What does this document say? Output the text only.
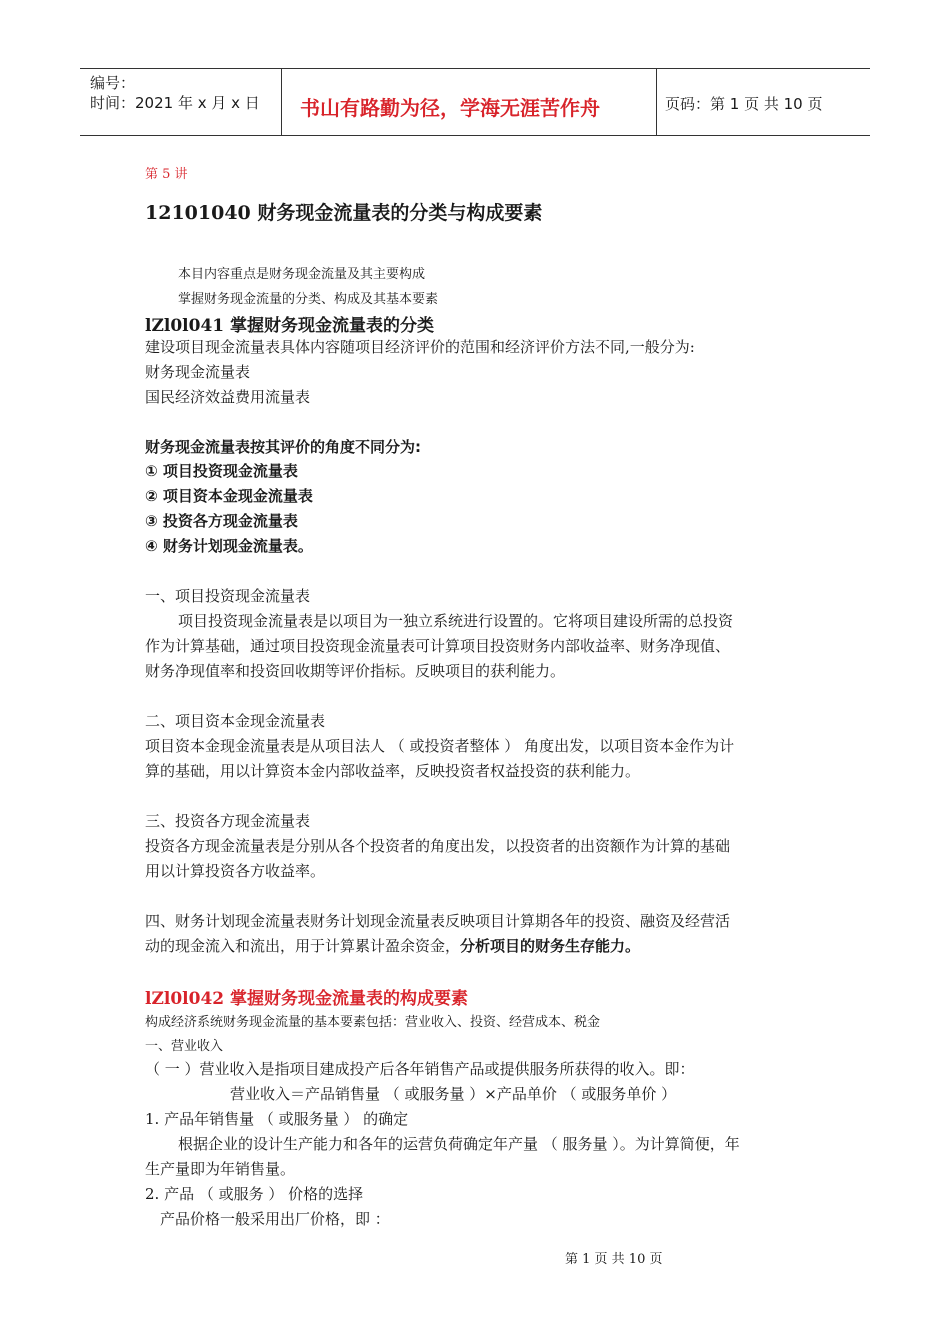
编号：
时间：2021 年 x 月 x 日 书山有路勤为径，学海无涯苦作舟	页码：第 1 页 共 10 页
第 5 讲
12101040 财务现金流量表的分类与构成要素
本目内容重点是财务现金流量及其主要构成
掌握财务现金流量的分类、构成及其基本要素
lZl0l041 掌握财务现金流量表的分类
建设项目现金流量表具体内容随项目经济评价的范围和经济评价方法不同,一般分为:
财务现金流量表
国民经济效益费用流量表
财务现金流量表按其评价的角度不同分为:
① 项目投资现金流量表
② 项目资本金现金流量表
③ 投资各方现金流量表
④ 财务计划现金流量表。
一、项目投资现金流量表
项目投资现金流量表是以项目为一独立系统进行设置的。它将项目建设所需的总投资
作为计算基础，通过项目投资现金流量表可计算项目投资财务内部收益率、财务净现值、
财务净现值率和投资回收期等评价指标。反映项目的获利能力。
二、项目资本金现金流量表
项目资本金现金流量表是从项目法人 （ 或投资者整体 ） 角度出发，以项目资本金作为计
算的基础，用以计算资本金内部收益率，反映投资者权益投资的获利能力。
三、投资各方现金流量表
投资各方现金流量表是分别从各个投资者的角度出发，以投资者的出资额作为计算的基础
用以计算投资各方收益率。
四、财务计划现金流量表财务计划现金流量表反映项目计算期各年的投资、融资及经营活
动的现金流入和流出，用于计算累计盈余资金，分析项目的财务生存能力。
lZl0l042 掌握财务现金流量表的构成要素
构成经济系统财务现金流量的基本要素包括：营业收入、投资、经营成本、税金
一、营业收入
（ 一 ）营业收入是指项目建成投产后各年销售产品或提供服务所获得的收入。即：
营业收入＝产品销售量 （ 或服务量 ）×产品单价 （ 或服务单价 ）
1. 产品年销售量 （ 或服务量 ） 的确定
根据企业的设计生产能力和各年的运营负荷确定年产量 （ 服务量 ）。为计算简便，年
生产量即为年销售量。
2. 产品 （ 或服务 ） 价格的选择
产品价格一般采用出厂价格，即 ：
第 1 页 共 10 页
